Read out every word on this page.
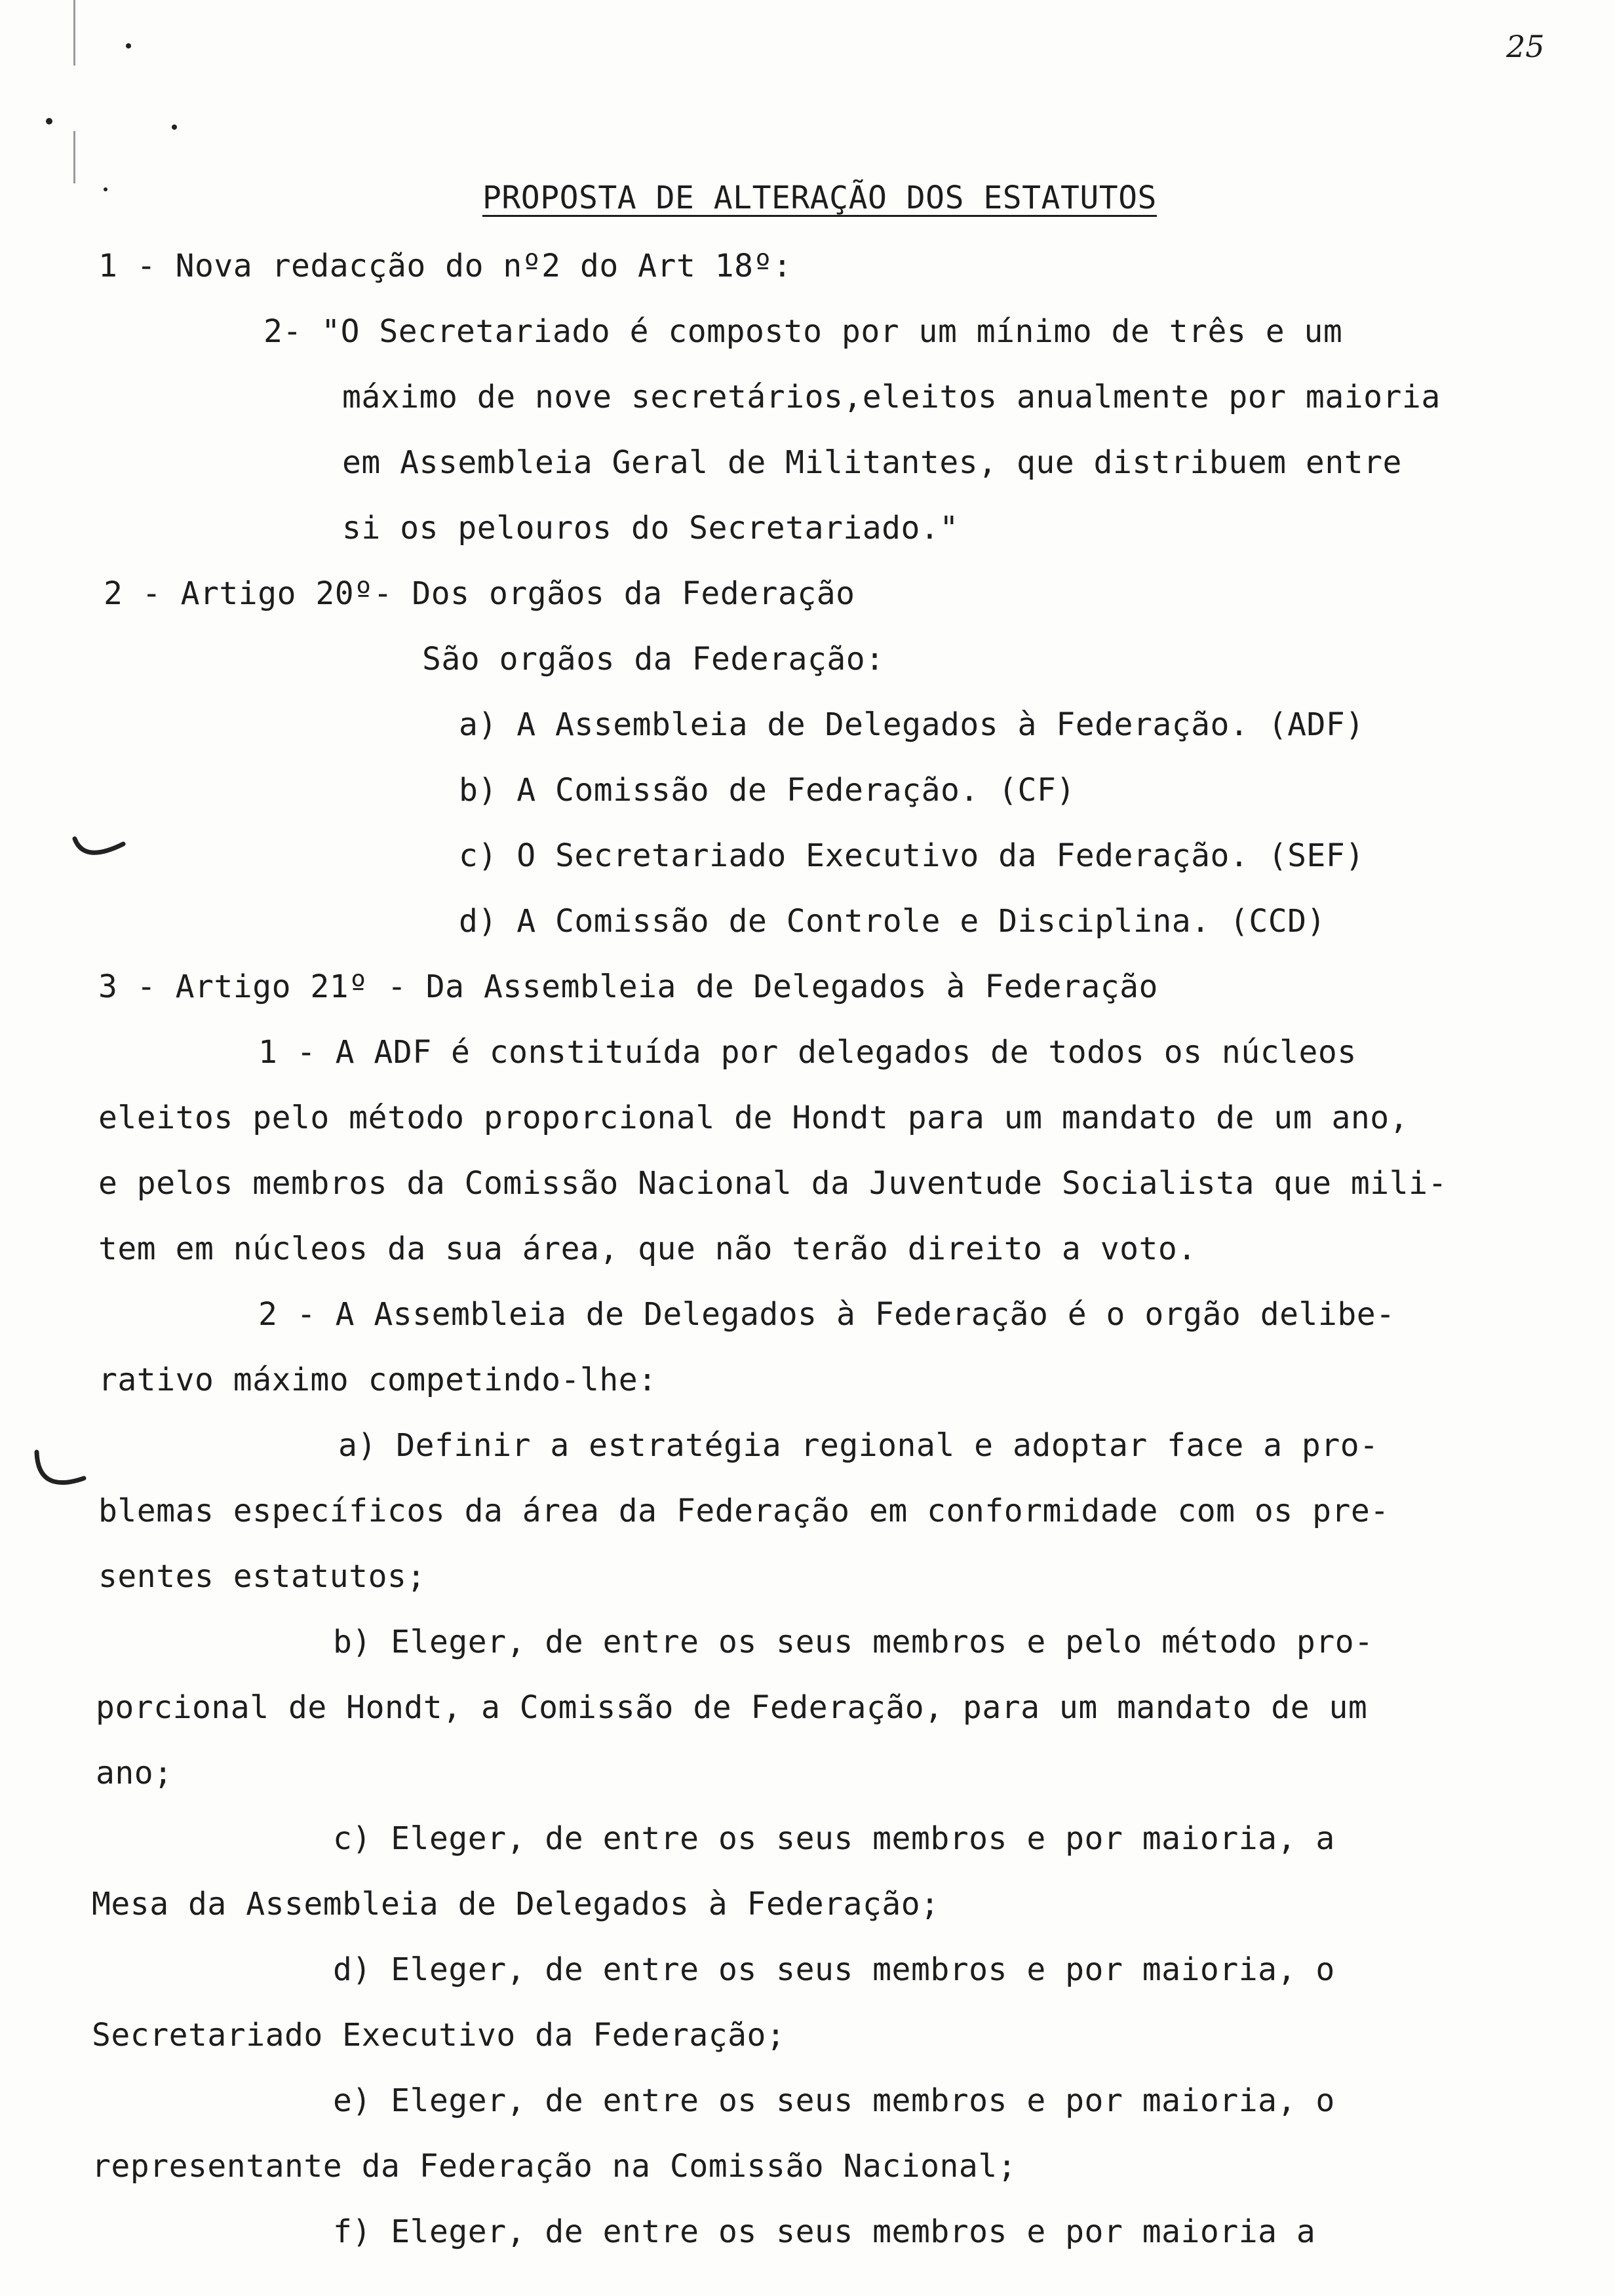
25
PROPOSTA DE ALTERAÇÃO DOS ESTATUTOS
1 - Nova redacção do nº2 do Art 18º:
2- "O Secretariado é composto por um mínimo de três e um
máximo de nove secretários,eleitos anualmente por maioria
em Assembleia Geral de Militantes, que distribuem entre
si os pelouros do Secretariado."
2 - Artigo 20º- Dos orgãos da Federação
São orgãos da Federação:
a) A Assembleia de Delegados à Federação. (ADF)
b) A Comissão de Federação. (CF)
c) O Secretariado Executivo da Federação. (SEF)
d) A Comissão de Controle e Disciplina. (CCD)
3 - Artigo 21º - Da Assembleia de Delegados à Federação
1 - A ADF é constituída por delegados de todos os núcleos
eleitos pelo método proporcional de Hondt para um mandato de um ano,
e pelos membros da Comissão Nacional da Juventude Socialista que mili-
tem em núcleos da sua área, que não terão direito a voto.
2 - A Assembleia de Delegados à Federação é o orgão delibe-
rativo máximo competindo-lhe:
a) Definir a estratégia regional e adoptar face a pro-
blemas específicos da área da Federação em conformidade com os pre-
sentes estatutos;
b) Eleger, de entre os seus membros e pelo método pro-
porcional de Hondt, a Comissão de Federação, para um mandato de um
ano;
c) Eleger, de entre os seus membros e por maioria, a
Mesa da Assembleia de Delegados à Federação;
d) Eleger, de entre os seus membros e por maioria, o
Secretariado Executivo da Federação;
e) Eleger, de entre os seus membros e por maioria, o
representante da Federação na Comissão Nacional;
f) Eleger, de entre os seus membros e por maioria a
